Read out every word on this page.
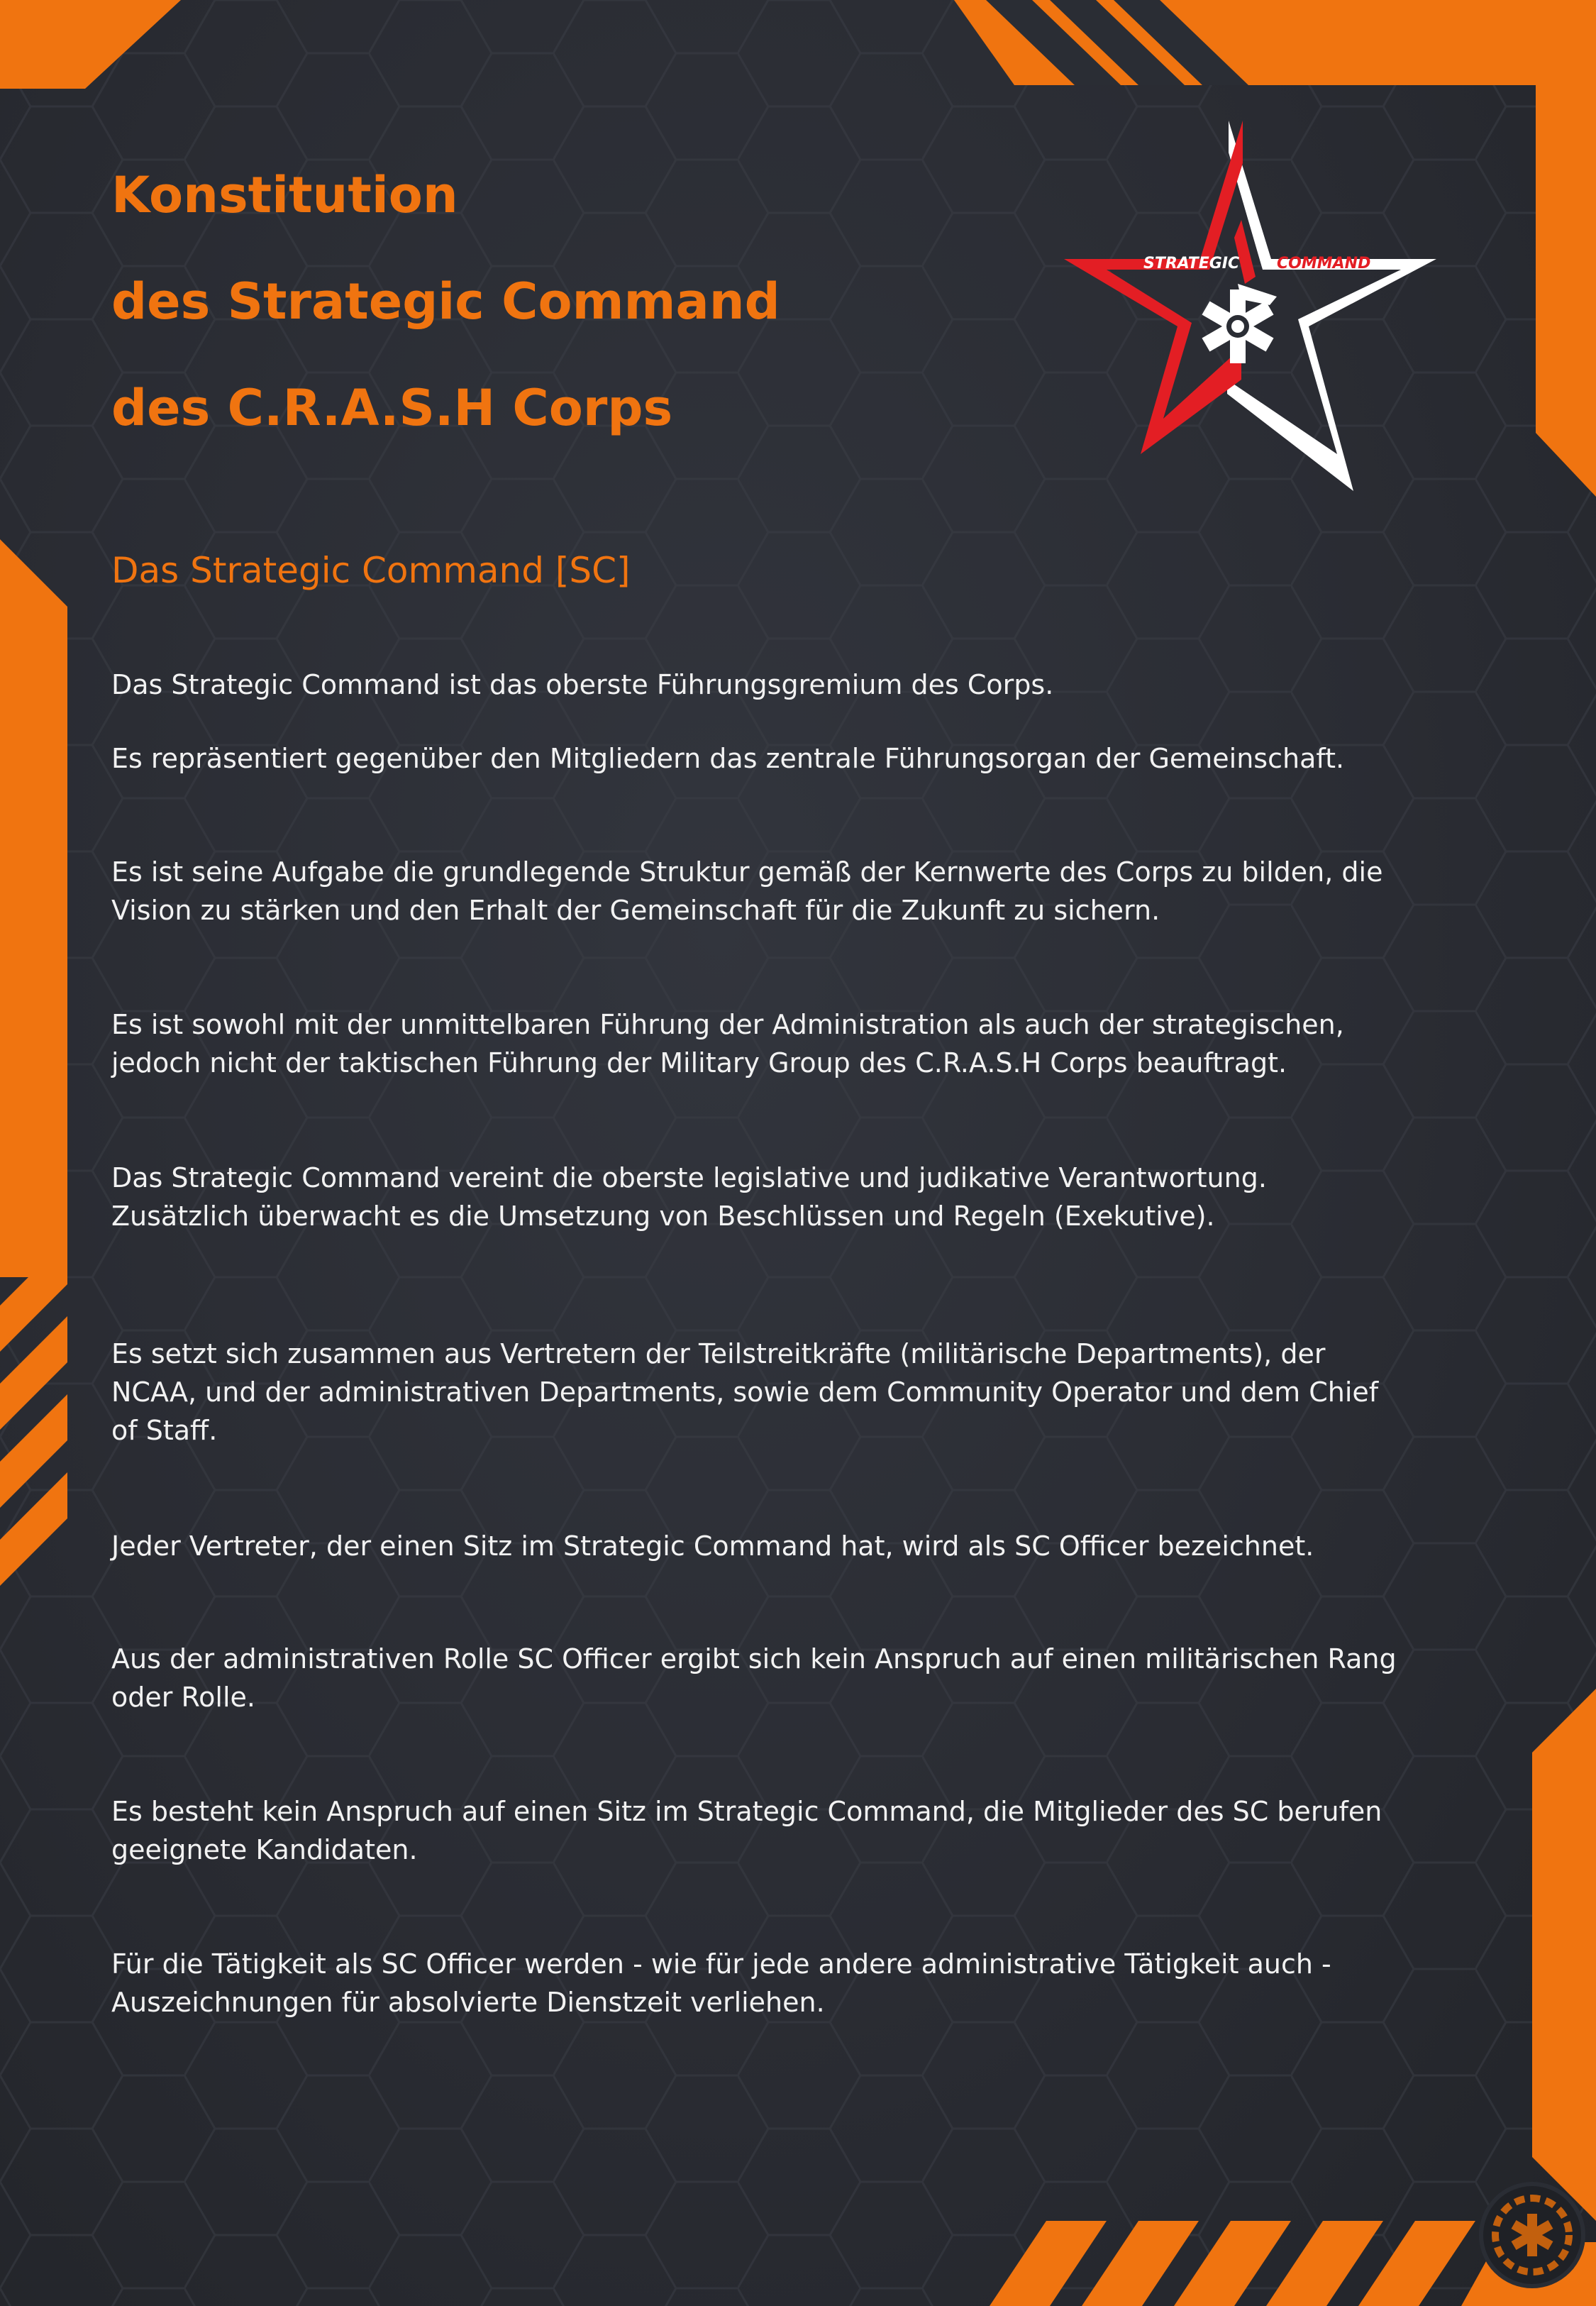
Konstitution
des Strategic Command
des C.R.A.S.H Corps
STRATEGIC COMMAND
Das Strategic Command [SC]

Das Strategic Command ist das oberste Führungsgremium des Corps.

Es repräsentiert gegenüber den Mitgliedern das zentrale Führungsorgan der Gemeinschaft.

Es ist seine Aufgabe die grundlegende Struktur gemäß der Kernwerte des Corps zu bilden, die
Vision zu stärken und den Erhalt der Gemeinschaft für die Zukunft zu sichern.

Es ist sowohl mit der unmittelbaren Führung der Administration als auch der strategischen,
jedoch nicht der taktischen Führung der Military Group des C.R.A.S.H Corps beauftragt.

Das Strategic Command vereint die oberste legislative und judikative Verantwortung.
Zusätzlich überwacht es die Umsetzung von Beschlüssen und Regeln (Exekutive).

Es setzt sich zusammen aus Vertretern der Teilstreitkräfte (militärische Departments), der
NCAA, und der administrativen Departments, sowie dem Community Operator und dem Chief
of Staff.

Jeder Vertreter, der einen Sitz im Strategic Command hat, wird als SC Officer bezeichnet.

Aus der administrativen Rolle SC Officer ergibt sich kein Anspruch auf einen militärischen Rang
oder Rolle.

Es besteht kein Anspruch auf einen Sitz im Strategic Command, die Mitglieder des SC berufen
geeignete Kandidaten.

Für die Tätigkeit als SC Officer werden - wie für jede andere administrative Tätigkeit auch -
Auszeichnungen für absolvierte Dienstzeit verliehen.
